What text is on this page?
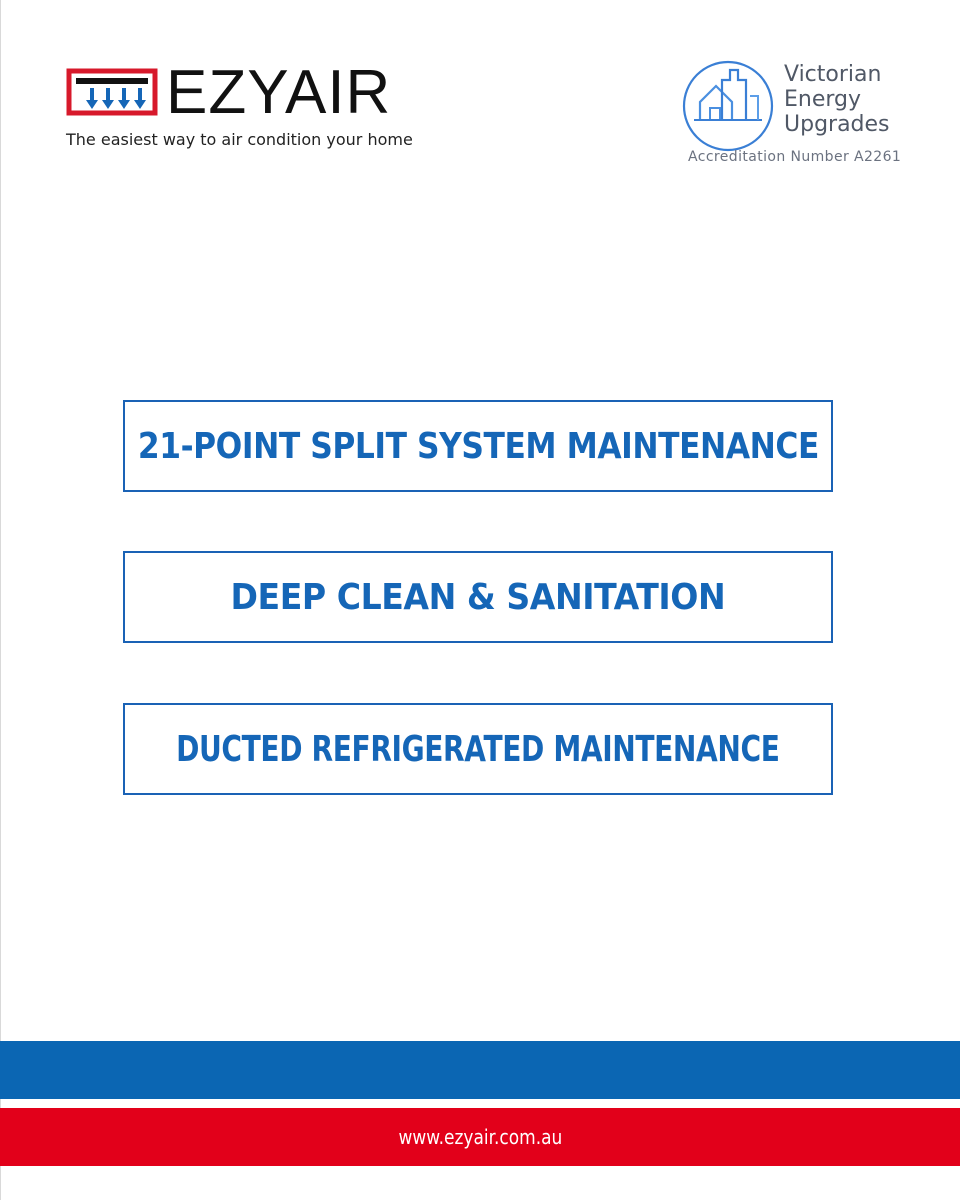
EZYAIR
The easiest way to air condition your home
Victorian
Energy
Upgrades
Accreditation Number A2261
21-POINT SPLIT SYSTEM MAINTENANCE
DEEP CLEAN & SANITATION
DUCTED REFRIGERATED MAINTENANCE
www.ezyair.com.au
